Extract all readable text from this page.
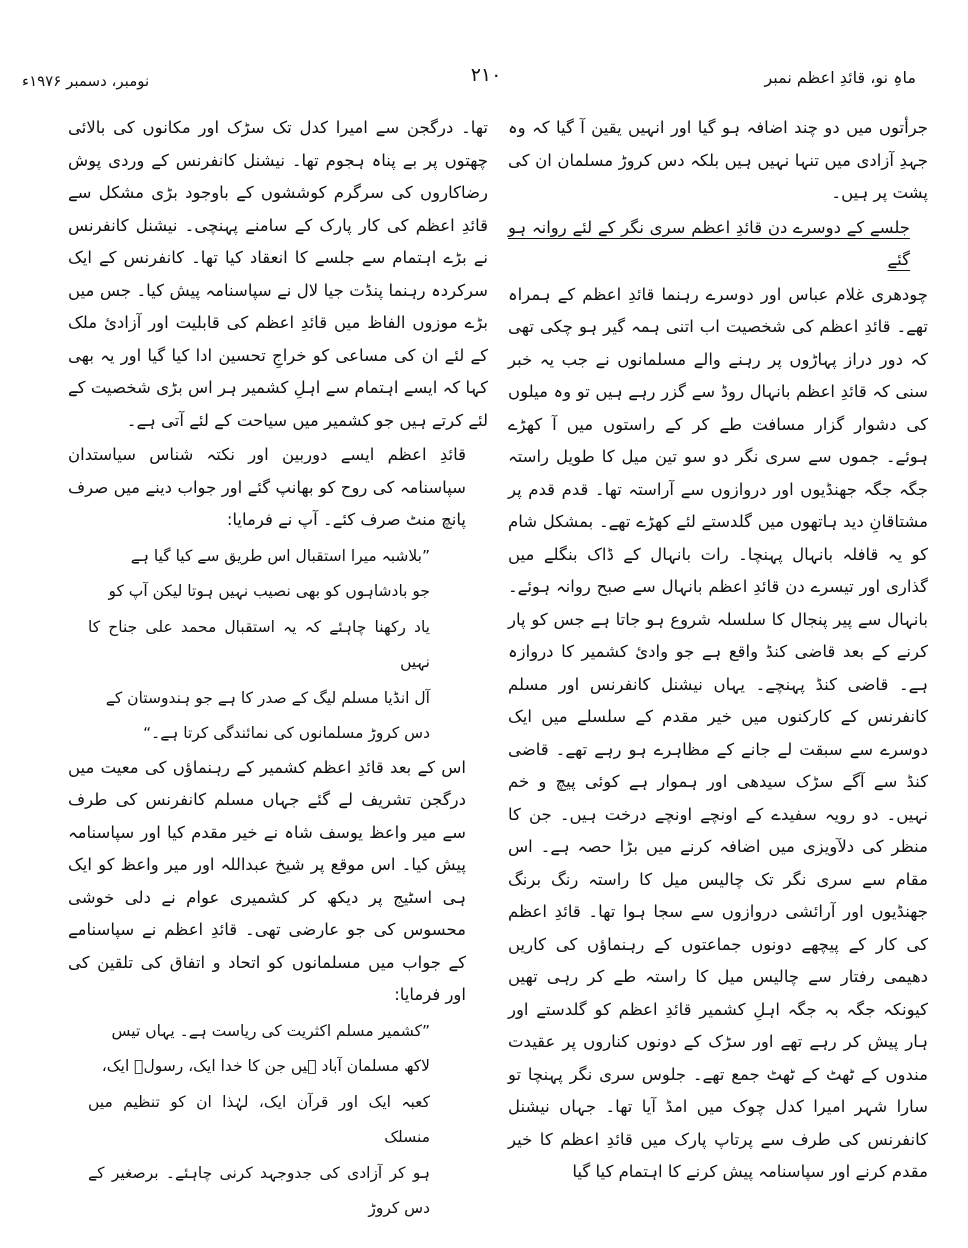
ماہِ نو، قائدِ اعظم نمبر
۲۱۰
نومبر، دسمبر ۱۹۷۶ء

جرأتوں میں دو چند اضافہ ہو گیا اور انہیں یقین آ گیا کہ وہ جہدِ آزادی میں تنہا نہیں ہیں بلکہ دس کروڑ مسلمان ان کی پشت پر ہیں۔

جلسے کے دوسرے دن قائدِ اعظم سری نگر کے لئے روانہ ہو گئے

چودھری غلام عباس اور دوسرے رہنما قائدِ اعظم کے ہمراہ تھے۔ قائدِ اعظم کی شخصیت اب اتنی ہمہ گیر ہو چکی تھی کہ دور دراز پہاڑوں پر رہنے والے مسلمانوں نے جب یہ خبر سنی کہ قائدِ اعظم بانہال روڈ سے گزر رہے ہیں تو وہ میلوں کی دشوار گزار مسافت طے کر کے راستوں میں آ کھڑے ہوئے۔ جموں سے سری نگر دو سو تین میل کا طویل راستہ جگہ جگہ جھنڈیوں اور دروازوں سے آراستہ تھا۔ قدم قدم پر مشتاقانِ دید ہاتھوں میں گلدستے لئے کھڑے تھے۔ بمشکل شام کو یہ قافلہ بانہال پہنچا۔ رات بانہال کے ڈاک بنگلے میں گذاری اور تیسرے دن قائدِ اعظم بانہال سے صبح روانہ ہوئے۔ بانہال سے پیر پنجال کا سلسلہ شروع ہو جاتا ہے جس کو پار کرنے کے بعد قاضی کنڈ واقع ہے جو وادیٔ کشمیر کا دروازہ ہے۔ قاضی کنڈ پہنچے۔ یہاں نیشنل کانفرنس اور مسلم کانفرنس کے کارکنوں میں خیر مقدم کے سلسلے میں ایک دوسرے سے سبقت لے جانے کے مظاہرے ہو رہے تھے۔ قاضی کنڈ سے آگے سڑک سیدھی اور ہموار ہے کوئی پیچ و خم نہیں۔ دو رویہ سفیدے کے اونچے اونچے درخت ہیں۔ جن کا منظر کی دلآویزی میں اضافہ کرنے میں بڑا حصہ ہے۔ اس مقام سے سری نگر تک چالیس میل کا راستہ رنگ برنگ جھنڈیوں اور آرائشی دروازوں سے سجا ہوا تھا۔ قائدِ اعظم کی کار کے پیچھے دونوں جماعتوں کے رہنماؤں کی کاریں دھیمی رفتار سے چالیس میل کا راستہ طے کر رہی تھیں کیونکہ جگہ بہ جگہ اہلِ کشمیر قائدِ اعظم کو گلدستے اور ہار پیش کر رہے تھے اور سڑک کے دونوں کناروں پر عقیدت مندوں کے ٹھٹ کے ٹھٹ جمع تھے۔ جلوس سری نگر پہنچا تو سارا شہر امیرا کدل چوک میں امڈ آیا تھا۔ جہاں نیشنل کانفرنس کی طرف سے پرتاپ پارک میں قائدِ اعظم کا خیر مقدم کرنے اور سپاسنامہ پیش کرنے کا اہتمام کیا گیا

تھا۔ درگجن سے امیرا کدل تک سڑک اور مکانوں کی بالائی چھتوں پر بے پناہ ہجوم تھا۔ نیشنل کانفرنس کے وردی پوش رضاکاروں کی سرگرم کوششوں کے باوجود بڑی مشکل سے قائدِ اعظم کی کار پارک کے سامنے پہنچی۔ نیشنل کانفرنس نے بڑے اہتمام سے جلسے کا انعقاد کیا تھا۔ کانفرنس کے ایک سرکردہ رہنما پنڈت جیا لال نے سپاسنامہ پیش کیا۔ جس میں بڑے موزوں الفاظ میں قائدِ اعظم کی قابلیت اور آزادیٔ ملک کے لئے ان کی مساعی کو خراجِ تحسین ادا کیا گیا اور یہ بھی کہا کہ ایسے اہتمام سے اہلِ کشمیر ہر اس بڑی شخصیت کے لئے کرتے ہیں جو کشمیر میں سیاحت کے لئے آتی ہے۔

قائدِ اعظم ایسے دوربین اور نکتہ شناس سیاستدان سپاسنامہ کی روح کو بھانپ گئے اور جواب دینے میں صرف پانچ منٹ صرف کئے۔ آپ نے فرمایا:

”بلاشبہ میرا استقبال اس طریق سے کیا گیا ہے

جو بادشاہوں کو بھی نصیب نہیں ہوتا لیکن آپ کو

یاد رکھنا چاہئے کہ یہ استقبال محمد علی جناح کا نہیں

آل انڈیا مسلم لیگ کے صدر کا ہے جو ہندوستان کے

دس کروڑ مسلمانوں کی نمائندگی کرتا ہے۔“

اس کے بعد قائدِ اعظم کشمیر کے رہنماؤں کی معیت میں درگجن تشریف لے گئے جہاں مسلم کانفرنس کی طرف سے میر واعظ یوسف شاہ نے خیر مقدم کیا اور سپاسنامہ پیش کیا۔ اس موقع پر شیخ عبداللہ اور میر واعظ کو ایک ہی اسٹیج پر دیکھ کر کشمیری عوام نے دلی خوشی محسوس کی جو عارضی تھی۔ قائدِ اعظم نے سپاسنامے کے جواب میں مسلمانوں کو اتحاد و اتفاق کی تلقین کی اور فرمایا:

”کشمیر مسلم اکثریت کی ریاست ہے۔ یہاں تیس

لاکھ مسلمان آباد ہیں جن کا خدا ایک، رسولؐ ایک،

کعبہ ایک اور قرآن ایک، لہٰذا ان کو تنظیم میں منسلک

ہو کر آزادی کی جدوجہد کرنی چاہئے۔ برصغیر کے دس کروڑ
